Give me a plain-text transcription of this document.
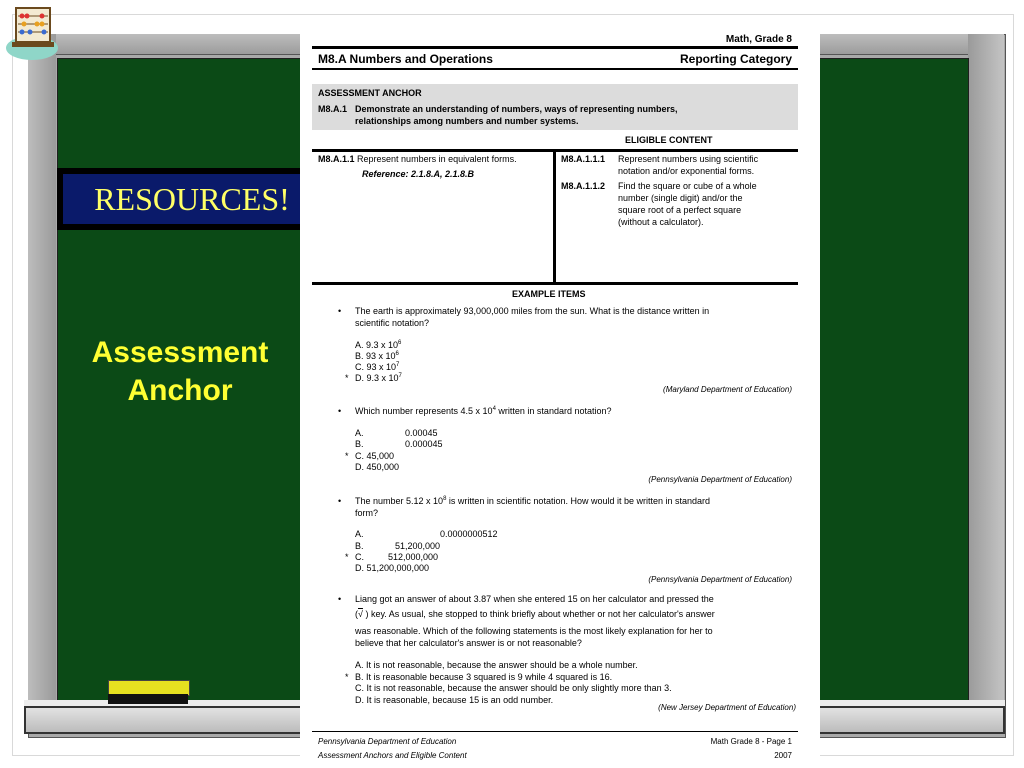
RESOURCES!
Assessment
Anchor
Math, Grade 8
M8.A Numbers and Operations	Reporting Category
ASSESSMENT ANCHOR
M8.A.1 Demonstrate an understanding of numbers, ways of representing numbers,
relationships among numbers and number systems.
ELIGIBLE CONTENT
M8.A.1.1 Represent numbers in equivalent forms.
Reference: 2.1.8.A, 2.1.8.B
M8.A.1.1.1 Represent numbers using scientific
notation and/or exponential forms.
M8.A.1.1.2 Find the square or cube of a whole
number (single digit) and/or the
square root of a perfect square
(without a calculator).
EXAMPLE ITEMS
• The earth is approximately 93,000,000 miles from the sun. What is the distance written in
scientific notation?
A. 9.3 x $10^6$
B. 93 x $10^6$
C. 93 x $10^7$
* D. 9.3 x $10^7$
(Maryland Department of Education)
• Which number represents 4.5 x $10^4$ written in standard notation?
A.	0.00045
B.	0.000045
* C. 45,000
D. 450,000
(Pennsylvania Department of Education)
• The number 5.12 x $10^8$ is written in scientific notation. How would it be written in standard
form?
A.	0.0000000512
B.	51,200,000
* C.	512,000,000
D. 51,200,000,000
(Pennsylvania Department of Education)
• Liang got an answer of about 3.87 when she entered 15 on her calculator and pressed the
(√ ) key. As usual, she stopped to think briefly about whether or not her calculator's answer
was reasonable. Which of the following statements is the most likely explanation for her to
believe that her calculator's answer is or not reasonable?
A. It is not reasonable, because the answer should be a whole number.
* B. It is reasonable because 3 squared is 9 while 4 squared is 16.
C. It is not reasonable, because the answer should be only slightly more than 3.
D. It is reasonable, because 15 is an odd number.
(New Jersey Department of Education)
Pennsylvania Department of Education
Assessment Anchors and Eligible Content
Math Grade 8 - Page 1
2007
